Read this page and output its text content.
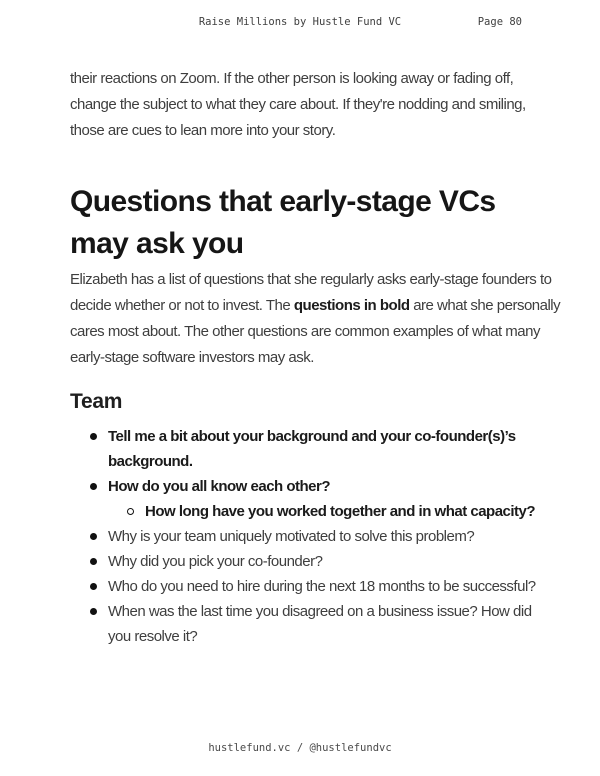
Raise Millions by Hustle Fund VC	Page 80

their reactions on Zoom. If the other person is looking away or fading off, change the subject to what they care about. If they're nodding and smiling, those are cues to lean more into your story.

Questions that early-stage VCs
may ask you

Elizabeth has a list of questions that she regularly asks early-stage founders to decide whether or not to invest. The questions in bold are what she personally cares most about. The other questions are common examples of what many early-stage software investors may ask.

Team
Tell me a bit about your background and your co-founder(s)’s background.
How do you all know each other?
How long have you worked together and in what capacity?
Why is your team uniquely motivated to solve this problem?
Why did you pick your co-founder?
Who do you need to hire during the next 18 months to be successful?
When was the last time you disagreed on a business issue? How did you resolve it?
hustlefund.vc / @hustlefundvc
